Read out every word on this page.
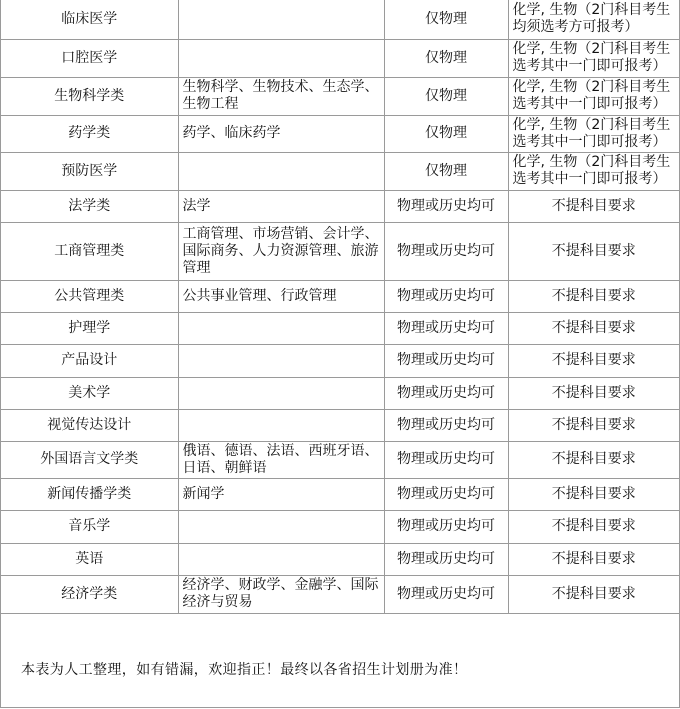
临床医学		仅物理	化学, 生物（2门科目考生均须选考方可报考）

口腔医学		仅物理	化学, 生物（2门科目考生选考其中一门即可报考）

生物科学类	生物科学、生物技术、生态学、生物工程	仅物理	化学, 生物（2门科目考生选考其中一门即可报考）

药学类	药学、临床药学	仅物理	化学, 生物（2门科目考生选考其中一门即可报考）

预防医学		仅物理	化学, 生物（2门科目考生选考其中一门即可报考）

法学类	法学	物理或历史均可	不提科目要求

工商管理类	工商管理、市场营销、会计学、国际商务、人力资源管理、旅游管理	物理或历史均可	不提科目要求

公共管理类	公共事业管理、行政管理	物理或历史均可	不提科目要求

护理学		物理或历史均可	不提科目要求

产品设计		物理或历史均可	不提科目要求

美术学		物理或历史均可	不提科目要求

视觉传达设计		物理或历史均可	不提科目要求

外国语言文学类	俄语、德语、法语、西班牙语、日语、朝鲜语	物理或历史均可	不提科目要求

新闻传播学类	新闻学	物理或历史均可	不提科目要求

音乐学		物理或历史均可	不提科目要求

英语		物理或历史均可	不提科目要求

经济学类	经济学、财政学、金融学、国际经济与贸易	物理或历史均可	不提科目要求
本表为人工整理，如有错漏，欢迎指正！最终以各省招生计划册为准！
